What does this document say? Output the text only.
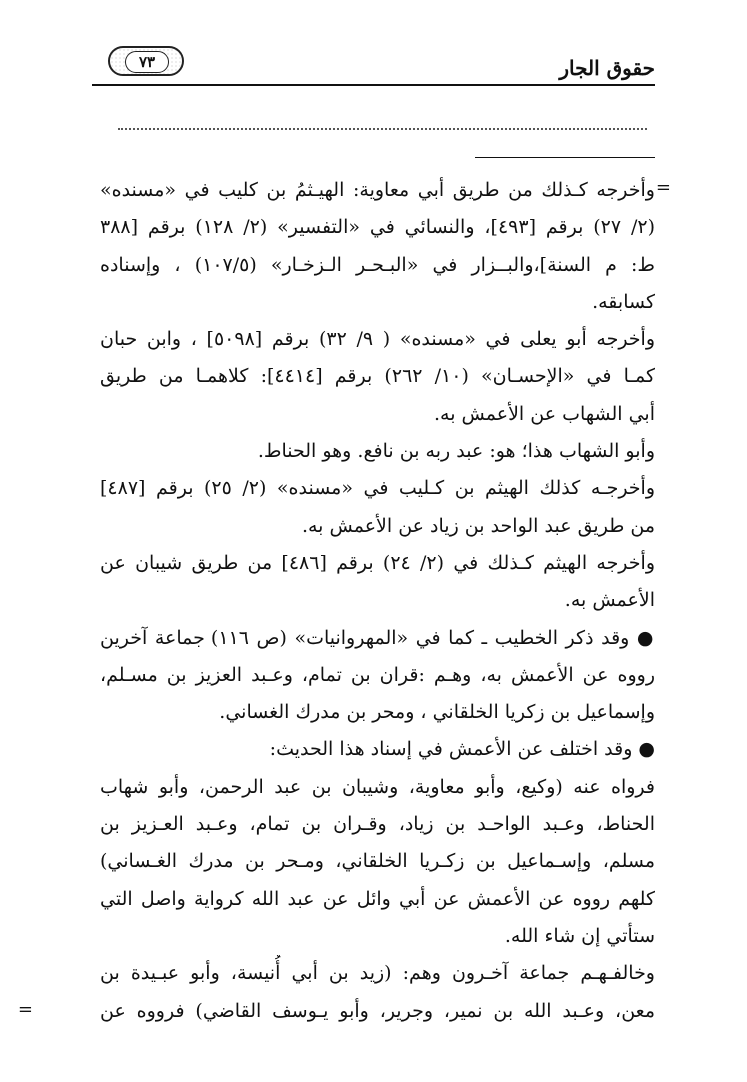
حقوق الجار
٧٣
=
=
وأخرجه كـذلك من طريق أبي معاوية: الهيـثمُ بن كليب في «مسنده»
(٢/ ٢٧) برقم [٤٩٣]، والنسائي في «التفسير» (٢/ ١٢٨) برقم [٣٨٨
ط: م السنة]،والبــزار في «البـحـر الـزخـار» (١٠٧/٥) ، وإسناده
كسابقه.
وأخرجه أبو يعلى في «مسنده» ( ٩/ ٣٢) برقم [٥٠٩٨] ، وابن حبان
كمـا في «الإحسـان» (١٠/ ٢٦٢) برقم [٤٤١٤]: كلاهمـا من طريق
أبي الشهاب عن الأعمش به.
وأبو الشهاب هذا؛ هو: عبد ربه بن نافع. وهو الحناط.
وأخرجـه كذلك الهيثم بن كـليب في «مسنده» (٢/ ٢٥) برقم [٤٨٧]
من طريق عبد الواحد بن زياد عن الأعمش به.
وأخرجه الهيثم كـذلك في (٢/ ٢٤) برقم [٤٨٦] من طريق شيبان عن
الأعمش به.
● وقد ذكر الخطيب ـ كما في «المهروانيات» (ص ١١٦) جماعة آخرين
رووه عن الأعمش به، وهـم :قران بن تمام، وعـبد العزيز بن مسـلم،
وإسماعيل بن زكريا الخلقاني ، ومحر بن مدرك الغساني.
● وقد اختلف عن الأعمش في إسناد هذا الحديث:
فرواه عنه (وكيع، وأبو معاوية، وشيبان بن عبد الرحمن، وأبو شهاب
الحناط، وعـبد الواحـد بن زياد، وقـران بن تمام، وعـبد العـزيز بن
مسلم، وإسـماعيل بن زكـريا الخلقاني، ومـحر بن مدرك الغـساني)
كلهم رووه عن الأعمش عن أبي وائل عن عبد الله كرواية واصل التي
ستأتي إن شاء الله.
وخالفـهـم جماعة آخـرون وهم: (زيد بن أبي أُنيسة، وأبو عبـيدة بن
معن، وعـبد الله بن نمير، وجرير، وأبو يـوسف القاضي) فرووه عن
